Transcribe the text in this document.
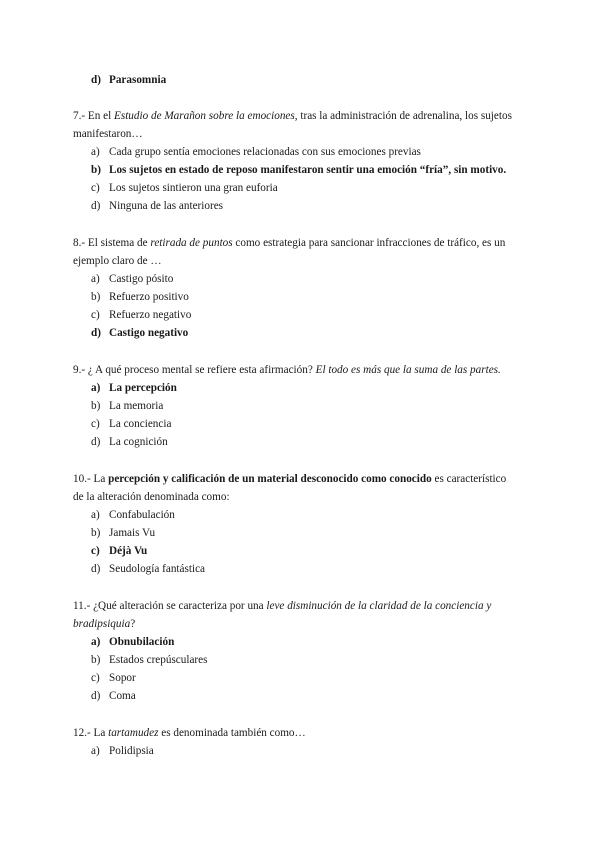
d) Parasomnia
7.- En el Estudio de Marañon sobre la emociones, tras la administración de adrenalina, los sujetos
manifestaron…
a) Cada grupo sentía emociones relacionadas con sus emociones previas
b) Los sujetos en estado de reposo manifestaron sentir una emoción “fría”, sin motivo.
c) Los sujetos sintieron una gran euforia
d) Ninguna de las anteriores
8.- El sistema de retirada de puntos como estrategia para sancionar infracciones de tráfico, es un
ejemplo claro de …
a) Castigo pósito
b) Refuerzo positivo
c) Refuerzo negativo
d) Castigo negativo
9.- ¿ A qué proceso mental se refiere esta afirmación? El todo es más que la suma de las partes.
a) La percepción
b) La memoria
c) La conciencia
d) La cognición
10.- La percepción y calificación de un material desconocido como conocido es característico
de la alteración denominada como:
a) Confabulación
b) Jamais Vu
c) Déjà Vu
d) Seudología fantástica
11.- ¿Qué alteración se caracteriza por una leve disminución de la claridad de la conciencia y
bradipsiquia?
a) Obnubilación
b) Estados crepúsculares
c) Sopor
d) Coma
12.- La tartamudez es denominada también como…
a) Polidipsia
